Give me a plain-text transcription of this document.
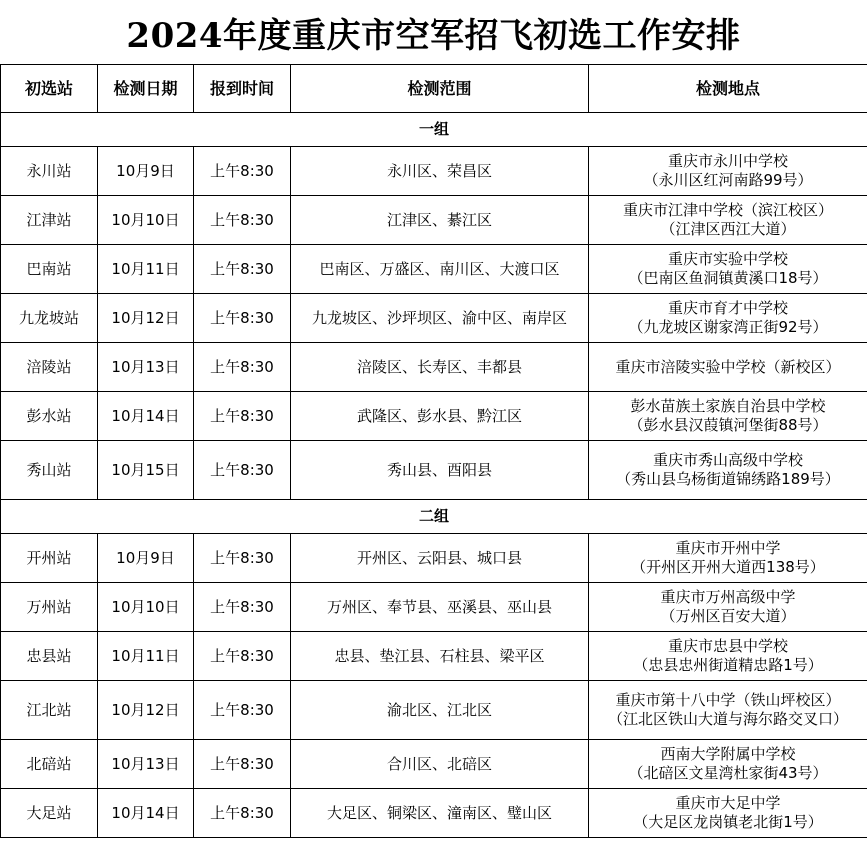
2024年度重庆市空军招飞初选工作安排
初选站	检测日期	报到时间	检测范围	检测地点
一组				
永川站	10月9日	上午8:30	永川区、荣昌区	重庆市永川中学校
（永川区红河南路99号）

江津站	10月10日	上午8:30	江津区、綦江区	重庆市江津中学校（滨江校区）
（江津区西江大道）

巴南站	10月11日	上午8:30	巴南区、万盛区、南川区、大渡口区	重庆市实验中学校
（巴南区鱼洞镇黄溪口18号）

九龙坡站	10月12日	上午8:30	九龙坡区、沙坪坝区、渝中区、南岸区	重庆市育才中学校
（九龙坡区谢家湾正街92号）

涪陵站	10月13日	上午8:30	涪陵区、长寿区、丰都县	重庆市涪陵实验中学校（新校区）

彭水站	10月14日	上午8:30	武隆区、彭水县、黔江区	彭水苗族土家族自治县中学校
（彭水县汉葭镇河堡街88号）

秀山站	10月15日	上午8:30	秀山县、酉阳县	重庆市秀山高级中学校
（秀山县乌杨街道锦绣路189号）

二组				
开州站	10月9日	上午8:30	开州区、云阳县、城口县	重庆市开州中学
（开州区开州大道西138号）

万州站	10月10日	上午8:30	万州区、奉节县、巫溪县、巫山县	重庆市万州高级中学
（万州区百安大道）

忠县站	10月11日	上午8:30	忠县、垫江县、石柱县、梁平区	重庆市忠县中学校
（忠县忠州街道精忠路1号）

江北站	10月12日	上午8:30	渝北区、江北区	重庆市第十八中学（铁山坪校区）
（江北区铁山大道与海尔路交叉口）

北碚站	10月13日	上午8:30	合川区、北碚区	西南大学附属中学校
（北碚区文星湾杜家街43号）

大足站	10月14日	上午8:30	大足区、铜梁区、潼南区、璧山区	重庆市大足中学
（大足区龙岗镇老北街1号）
